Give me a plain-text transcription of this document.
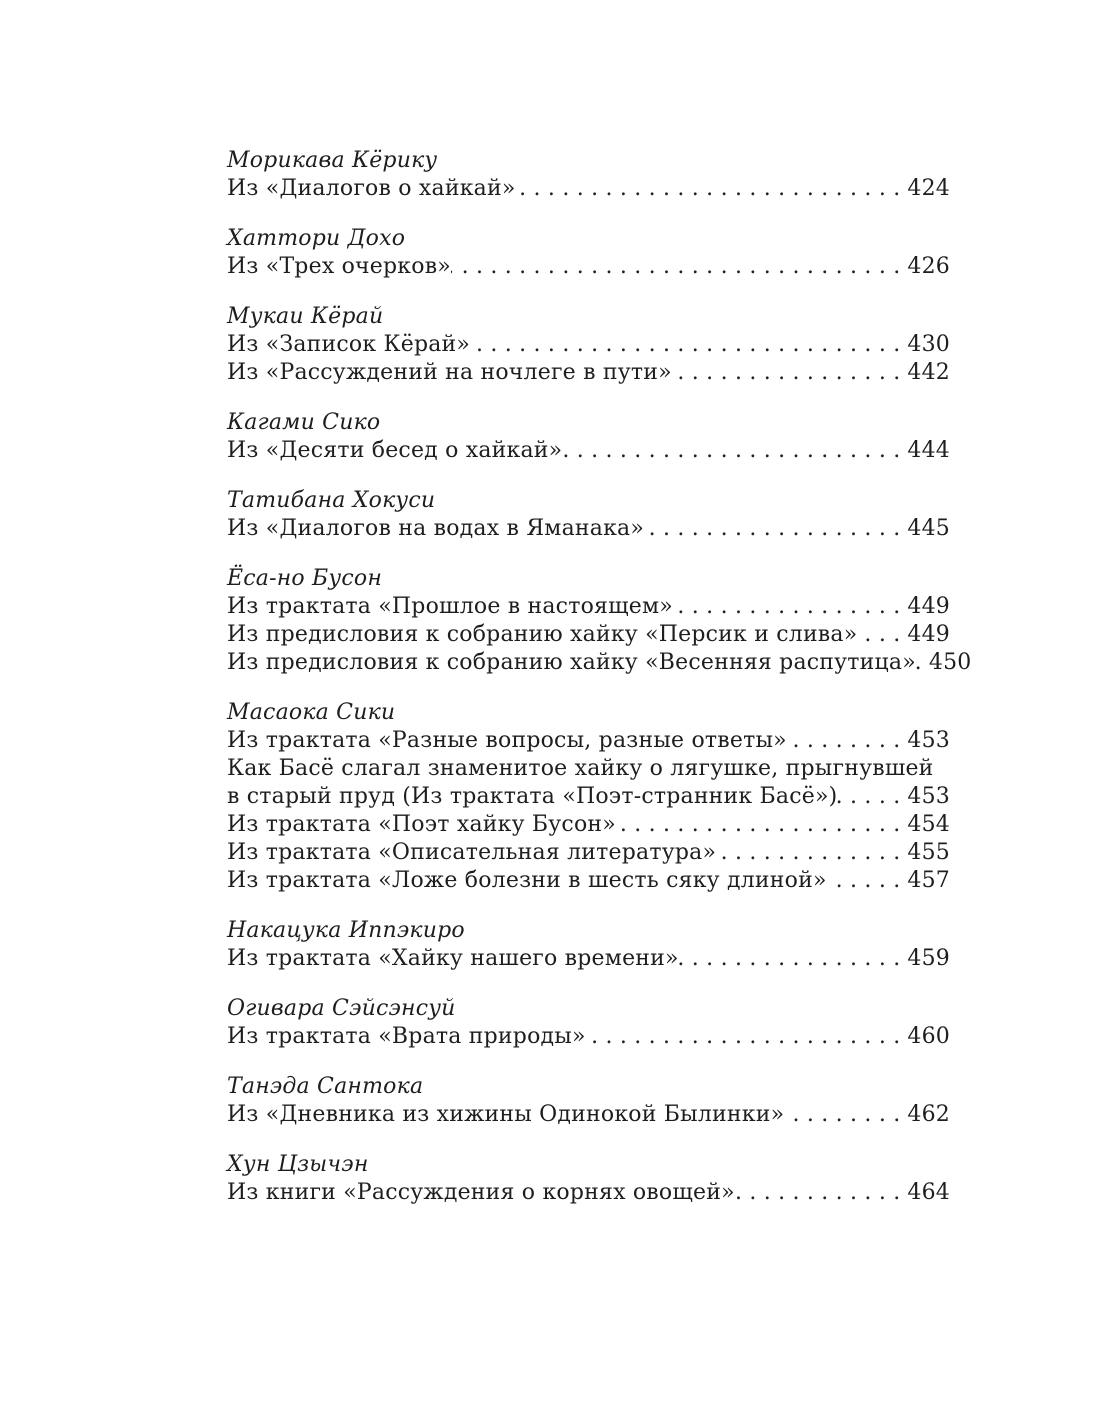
Морикава Кёрику
Из «Диалогов о хайкай» . . .	424
Хаттори Дохо
Из «Трех очерков» . . .	426
Мукаи Кёрай
Из «Записок Кёрай» . . .	430
Из «Рассуждений на ночлеге в пути» . . .	442
Кагами Сико
Из «Десяти бесед о хайкай» . . .	444
Татибана Хокуси
Из «Диалогов на водах в Яманака» . . .	445
Ёса-но Бусон
Из трактата «Прошлое в настоящем» . . .	449
Из предисловия к собранию хайку «Персик и слива» . . . 449
Из предисловия к собранию хайку «Весенняя распутица» . . . 450
Масаока Сики
Из трактата «Разные вопросы, разные ответы» . . .	453
Как Басё слагал знаменитое хайку о лягушке, прыгнувшей
в старый пруд (Из трактата «Поэт-странник Басё») . . .	453
Из трактата «Поэт хайку Бусон» . . .	454
Из трактата «Описательная литература» . . .	455
Из трактата «Ложе болезни в шесть сяку длиной» . . .	457
Накацука Иппэкиро
Из трактата «Хайку нашего времени» . . .	459
Огивара Сэйсэнсуй
Из трактата «Врата природы» . . .	460
Танэда Сантока
Из «Дневника из хижины Одинокой Былинки» . . .	462
Хун Цзычэн
Из книги «Рассуждения о корнях овощей» . . .	464
